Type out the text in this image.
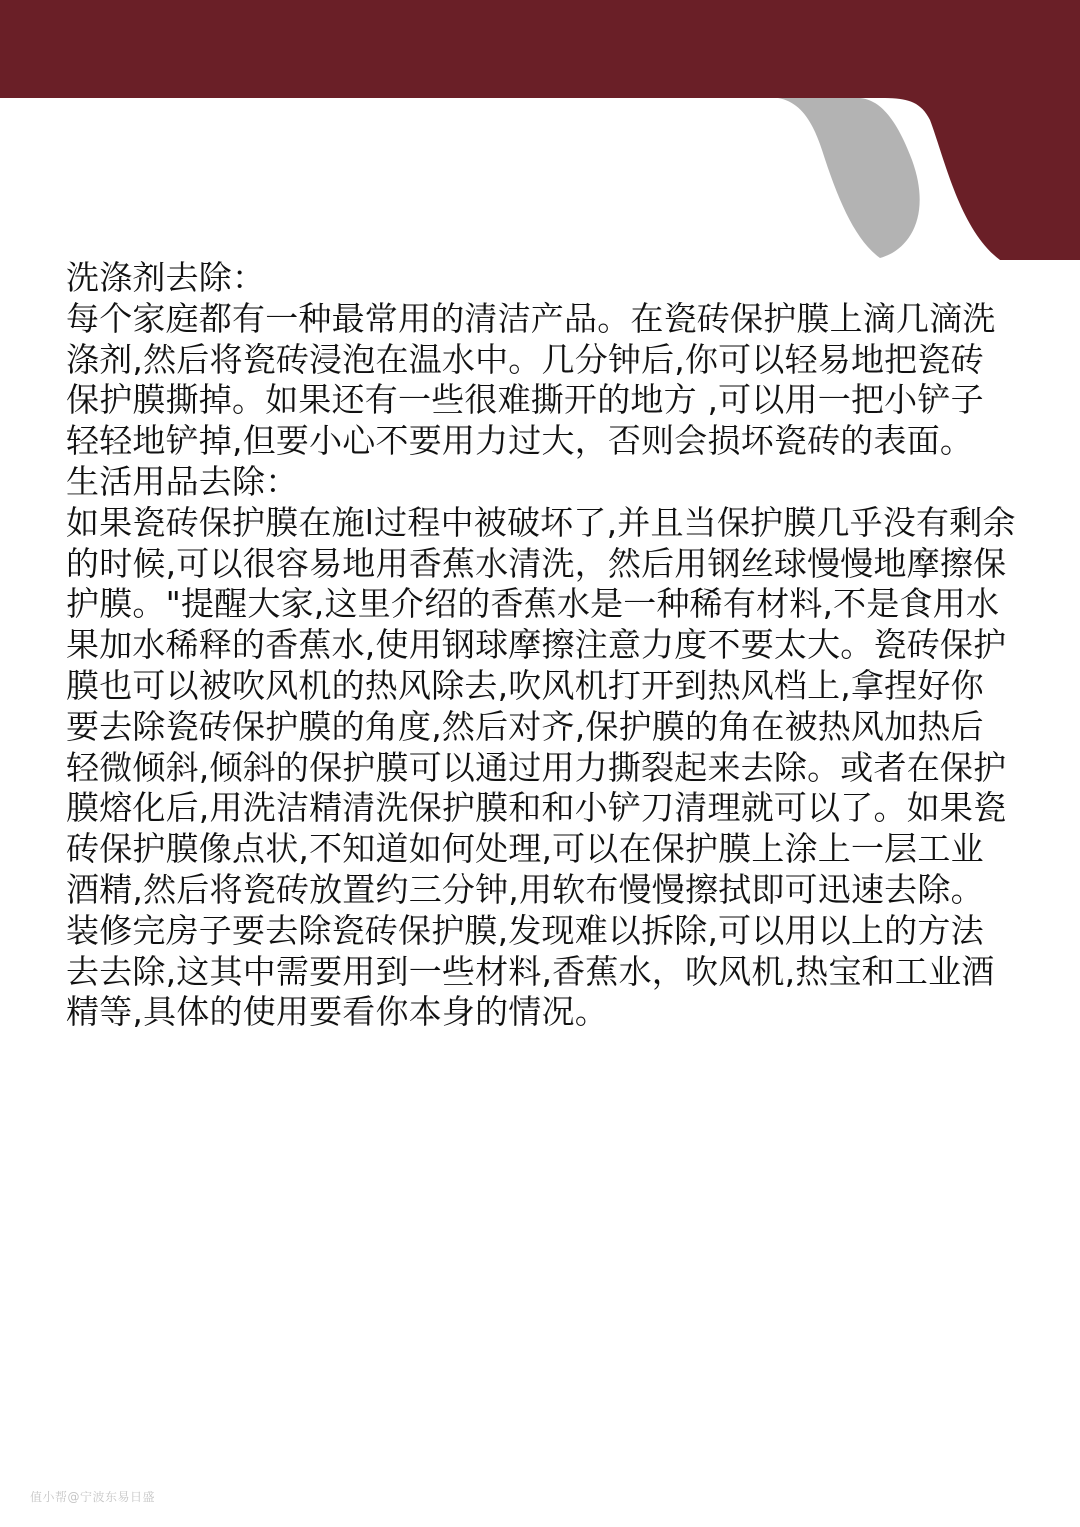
洗涤剂去除：

每个家庭都有一种最常用的清洁产品。在瓷砖保护膜上滴几滴洗涤剂,然后将瓷砖浸泡在温水中。几分钟后,你可以轻易地把瓷砖保护膜撕掉。如果还有一些很难撕开的地方 ,可以用一把小铲子轻轻地铲掉,但要小心不要用力过大，否则会损坏瓷砖的表面。

生活用品去除：

如果瓷砖保护膜在施l过程中被破坏了,并且当保护膜几乎没有剩余的时候,可以很容易地用香蕉水清洗，然后用钢丝球慢慢地摩擦保护膜。"提醒大家,这里介绍的香蕉水是一种稀有材料,不是食用水果加水稀释的香蕉水,使用钢球摩擦注意力度不要太大。瓷砖保护膜也可以被吹风机的热风除去,吹风机打开到热风档上,拿捏好你要去除瓷砖保护膜的角度,然后对齐,保护膜的角在被热风加热后轻微倾斜,倾斜的保护膜可以通过用力撕裂起来去除。或者在保护膜熔化后,用洗洁精清洗保护膜和和小铲刀清理就可以了。如果瓷砖保护膜像点状,不知道如何处理,可以在保护膜上涂上一层工业酒精,然后将瓷砖放置约三分钟,用软布慢慢擦拭即可迅速去除。装修完房子要去除瓷砖保护膜,发现难以拆除,可以用以上的方法去去除,这其中需要用到一些材料,香蕉水，吹风机,热宝和工业酒精等,具体的使用要看你本身的情况。

值小帮@宁波东易日盛
